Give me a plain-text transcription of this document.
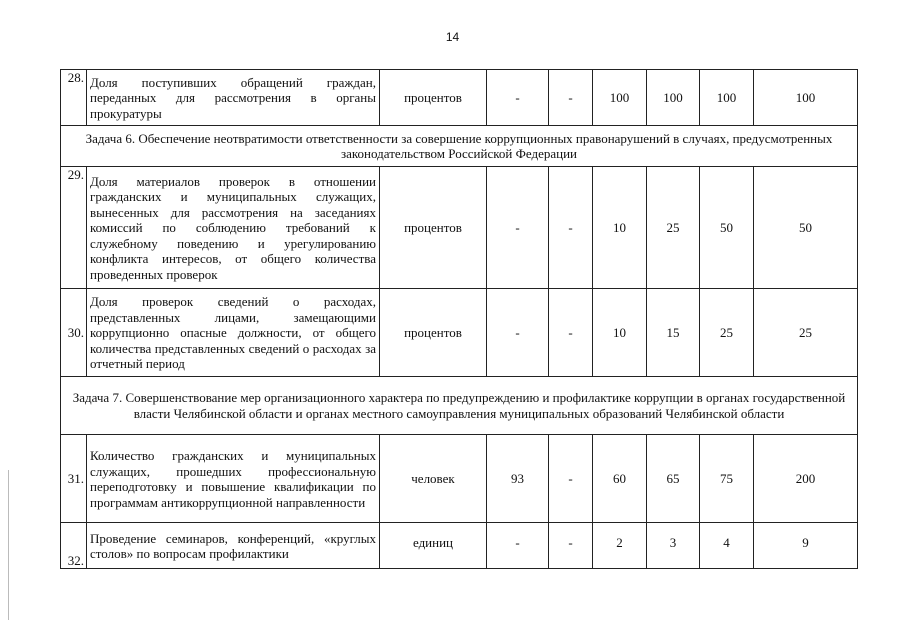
14
28.	Доля поступивших обращений граждан, переданных для рассмотрения в органы прокуратуры	процентов	-	-	100	100	100	100
Задача 6. Обеспечение неотвратимости ответственности за совершение коррупционных правонарушений в случаях, предусмотренных законодательством Российской Федерации								
29.	Доля материалов проверок в отношении гражданских и муниципальных служащих, вынесенных для рассмотрения на заседаниях комиссий по соблюдению требований к служебному поведению и урегулированию конфликта интересов, от общего количества проведенных проверок	процентов	-	-	10	25	50	50
30.	Доля проверок сведений о расходах, представленных лицами, замещающими коррупционно опасные должности, от общего количества представленных сведений о расходах за отчетный период	процентов	-	-	10	15	25	25
Задача 7. Совершенствование мер организационного характера по предупреждению и профилактике коррупции в органах государственной власти Челябинской области и органах местного самоуправления муниципальных образований Челябинской области								
31.	Количество гражданских и муниципальных служащих, прошедших профессиональную переподготовку и повышение квалификации по программам антикоррупционной направленности	человек	93	-	60	65	75	200
32.	Проведение семинаров, конференций, «круглых столов» по вопросам профилактики	единиц	-	-	2	3	4	9
